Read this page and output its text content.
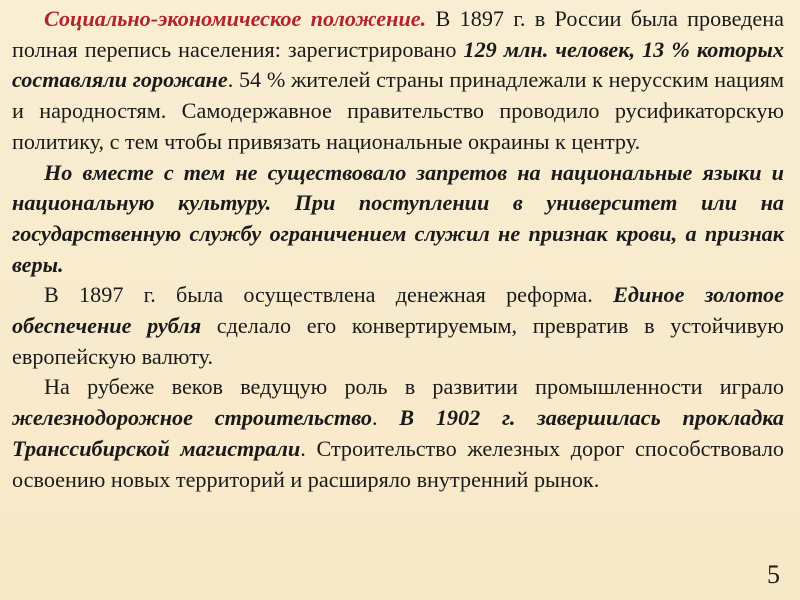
Социально-экономическое положение. В 1897 г. в России была проведена полная перепись населения: зарегистрировано 129 млн. человек, 13 % которых составляли горожане. 54 % жителей страны принадлежали к нерусским нациям и народностям. Самодержавное правительство проводило русификаторскую политику, с тем чтобы привязать национальные окраины к центру.

Но вместе с тем не существовало запретов на национальные языки и национальную культуру. При поступлении в университет или на государственную службу ограничением служил не признак крови, а признак веры.

В 1897 г. была осуществлена денежная реформа. Единое золотое обеспечение рубля сделало его конвертируемым, превратив в устойчивую европейскую валюту.

На рубеже веков ведущую роль в развитии промышленности играло железнодорожное строительство. В 1902 г. завершилась прокладка Транссибирской магистрали. Строительство железных дорог способствовало освоению новых территорий и расширяло внутренний рынок.

5
